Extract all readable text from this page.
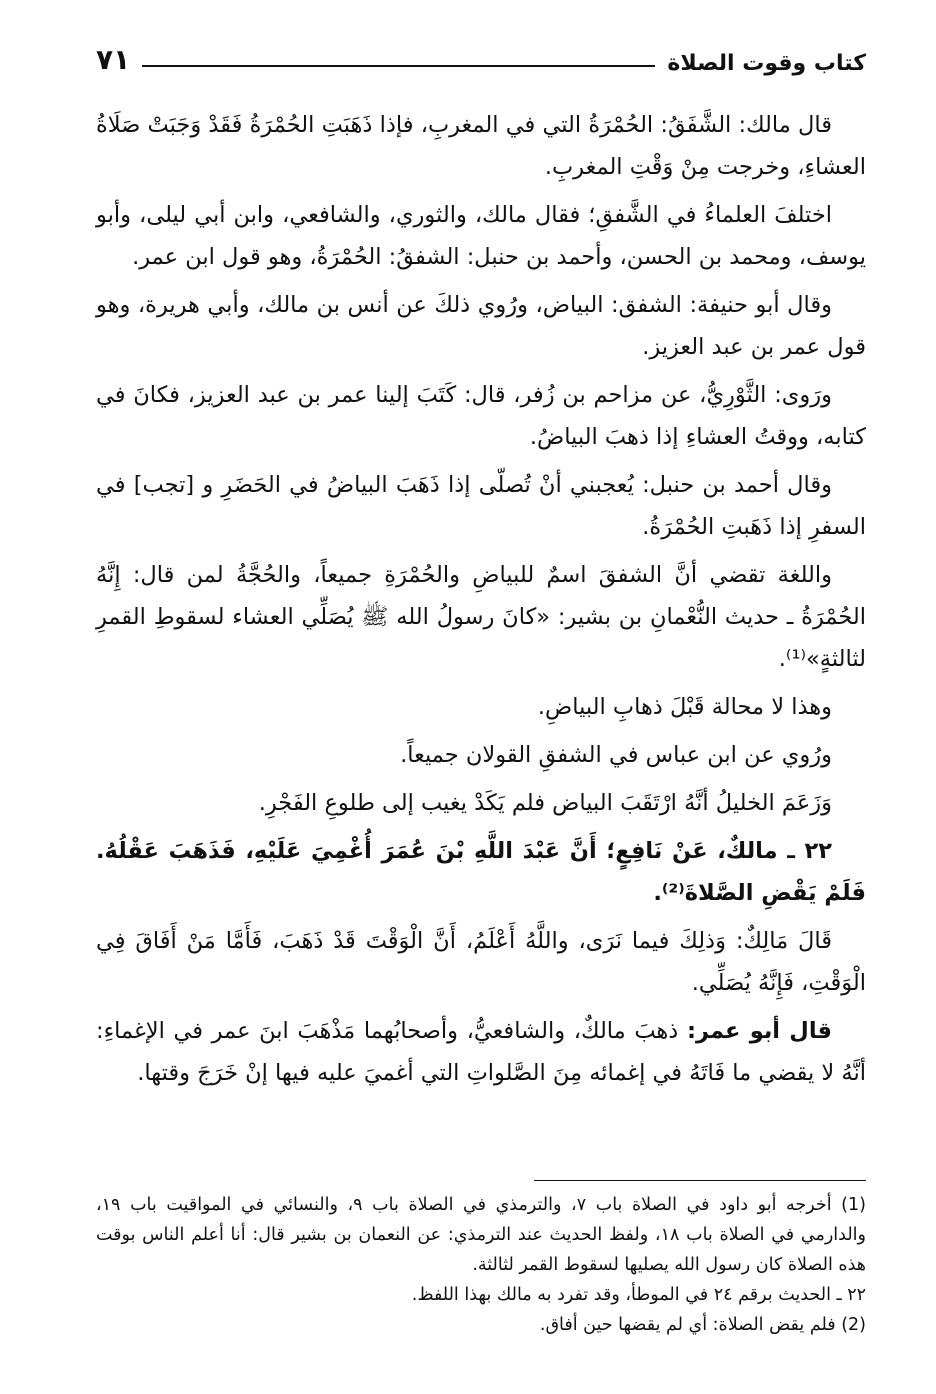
كتاب وقوت الصلاة
٧١

قال مالك: الشَّفَقُ: الحُمْرَةُ التي في المغربِ، فإذا ذَهَبَتِ الحُمْرَةُ فَقَدْ وَجَبَتْ صَلَاةُ العشاءِ، وخرجت مِنْ وَقْتِ المغربِ.

اختلفَ العلماءُ في الشَّفقِ؛ فقال مالك، والثوري، والشافعي، وابن أبي ليلى، وأبو يوسف، ومحمد بن الحسن، وأحمد بن حنبل: الشفقُ: الحُمْرَةُ، وهو قول ابن عمر.

وقال أبو حنيفة: الشفق: البياض، ورُوي ذلكَ عن أنس بن مالك، وأبي هريرة، وهو قول عمر بن عبد العزيز.

ورَوى: الثَّوْرِيُّ، عن مزاحم بن زُفر، قال: كَتَبَ إلينا عمر بن عبد العزيز، فكانَ في كتابه، ووقتُ العشاءِ إذا ذهبَ البياضُ.

وقال أحمد بن حنبل: يُعجبني أنْ تُصلّى إذا ذَهَبَ البياضُ في الحَضَرِ و [تجب] في السفرِ إذا ذَهَبتِ الحُمْرَةُ.

واللغة تقضي أنَّ الشفقَ اسمٌ للبياضِ والحُمْرَةِ جميعاً، والحُجَّةُ لمن قال: إِنَّهُ الحُمْرَةُ ـ حديث النُّعْمانِ بن بشير: «كانَ رسولُ الله ﷺ يُصَلِّي العشاء لسقوطِ القمرِ لثالثةٍ»⁽¹⁾.

وهذا لا محالة قَبْلَ ذهابِ البياضِ.

ورُوي عن ابن عباس في الشفقِ القولان جميعاً.

وَزَعَمَ الخليلُ أنَّهُ ارْتَقَبَ البياض فلم يَكَدْ يغيب إلى طلوعِ الفَجْرِ.

٢٢ ـ مالكٌ، عَنْ نَافِعٍ؛ أَنَّ عَبْدَ اللَّهِ بْنَ عُمَرَ أُغْمِيَ عَلَيْهِ، فَذَهَبَ عَقْلُهُ. فَلَمْ يَقْضِ الصَّلاةَ⁽²⁾.

قَالَ مَالِكٌ: وَذلِكَ فيما نَرَى، واللَّهُ أَعْلَمُ، أَنَّ الْوَقْتَ قَدْ ذَهَبَ، فَأَمَّا مَنْ أَفَاقَ فِي الْوَقْتِ، فَإِنَّهُ يُصَلِّي.

قال أبو عمر: ذهبَ مالكٌ، والشافعيُّ، وأصحابُهما مَذْهَبَ ابنَ عمر في الإغماءِ: أنَّهُ لا يقضي ما فَاتَهُ في إغمائه مِنَ الصَّلواتِ التي أغميَ عليه فيها إنْ خَرَجَ وقتها.

(1) أخرجه أبو داود في الصلاة باب ٧، والترمذي في الصلاة باب ٩، والنسائي في المواقيت باب ١٩، والدارمي في الصلاة باب ١٨، ولفظ الحديث عند الترمذي: عن النعمان بن بشير قال: أنا أعلم الناس بوقت هذه الصلاة كان رسول الله يصليها لسقوط القمر لثالثة.

٢٢ ـ الحديث برقم ٢٤ في الموطأ، وقد تفرد به مالك بهذا اللفظ.

(2) فلم يقض الصلاة: أي لم يقضها حين أفاق.
